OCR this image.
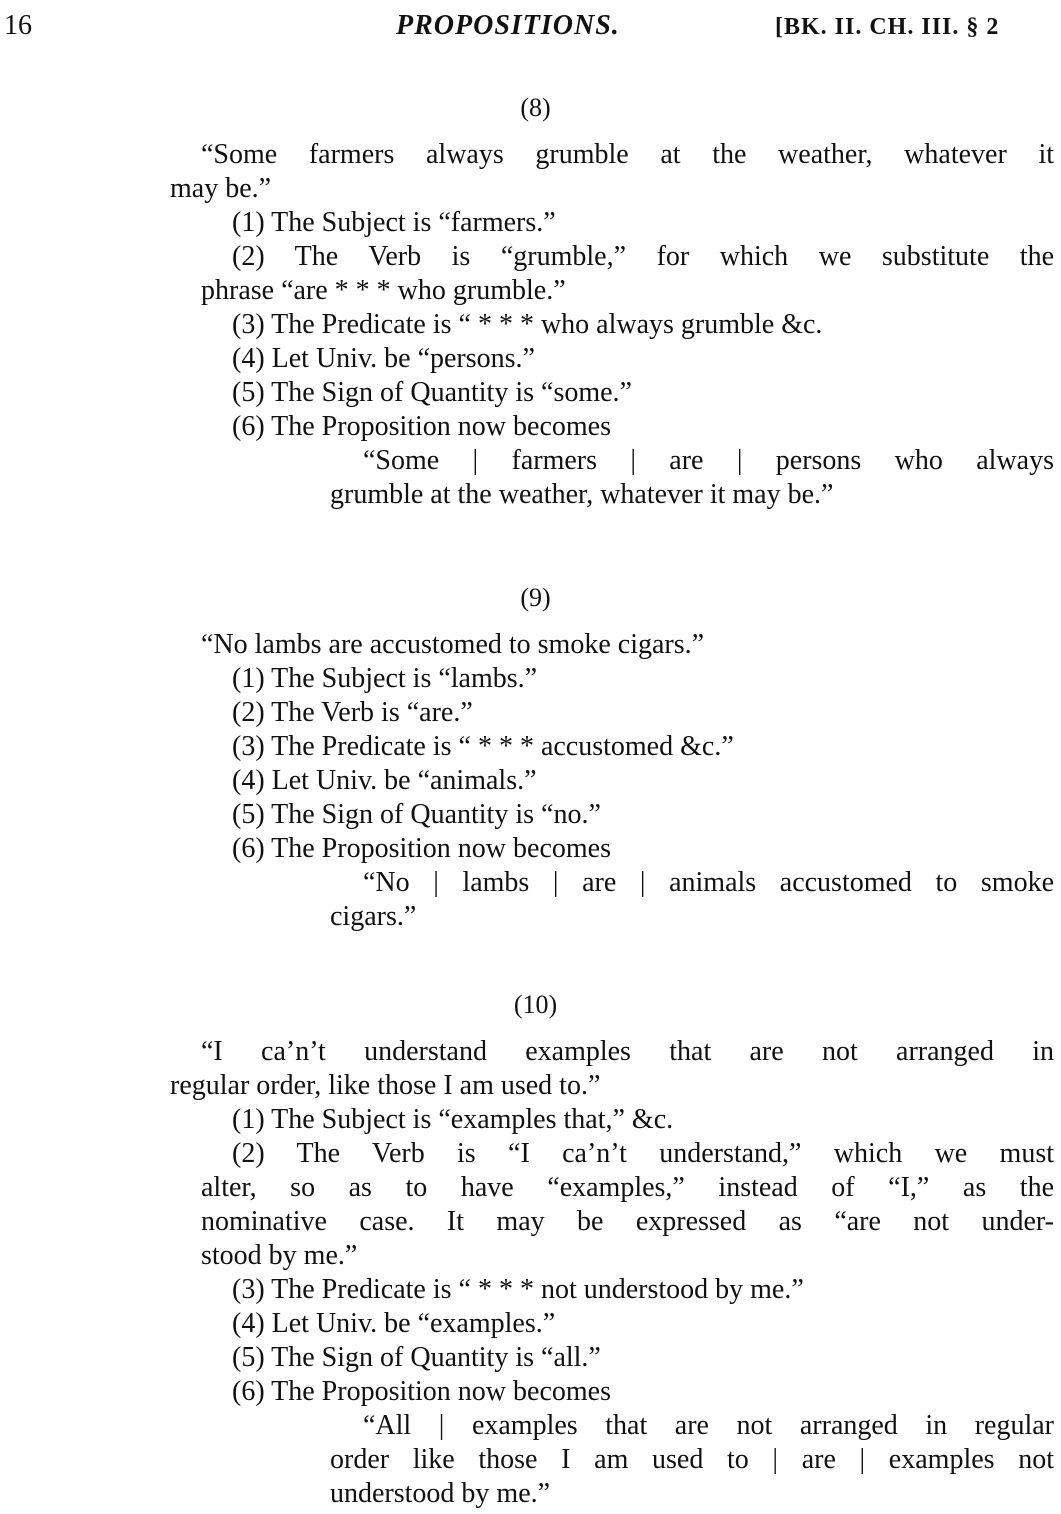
16	PROPOSITIONS.	[BK. II. CH. III. § 2
(8)
“Some farmers always grumble at the weather, whatever it
may be.”
(1) The Subject is “farmers.”
(2) The Verb is “grumble,” for which we substitute the
phrase “are * * * who grumble.”
(3) The Predicate is “ * * * who always grumble &c.
(4) Let Univ. be “persons.”
(5) The Sign of Quantity is “some.”
(6) The Proposition now becomes
“Some | farmers | are | persons who always
grumble at the weather, whatever it may be.”
(9)
“No lambs are accustomed to smoke cigars.”
(1) The Subject is “lambs.”
(2) The Verb is “are.”
(3) The Predicate is “ * * * accustomed &c.”
(4) Let Univ. be “animals.”
(5) The Sign of Quantity is “no.”
(6) The Proposition now becomes
“No | lambs | are | animals accustomed to smoke
cigars.”
(10)
“I ca’n’t understand examples that are not arranged in
regular order, like those I am used to.”
(1) The Subject is “examples that,” &c.
(2) The Verb is “I ca’n’t understand,” which we must
alter, so as to have “examples,” instead of “I,” as the
nominative case. It may be expressed as “are not under-
stood by me.”
(3) The Predicate is “ * * * not understood by me.”
(4) Let Univ. be “examples.”
(5) The Sign of Quantity is “all.”
(6) The Proposition now becomes
“All | examples that are not arranged in regular
order like those I am used to | are | examples not
understood by me.”
